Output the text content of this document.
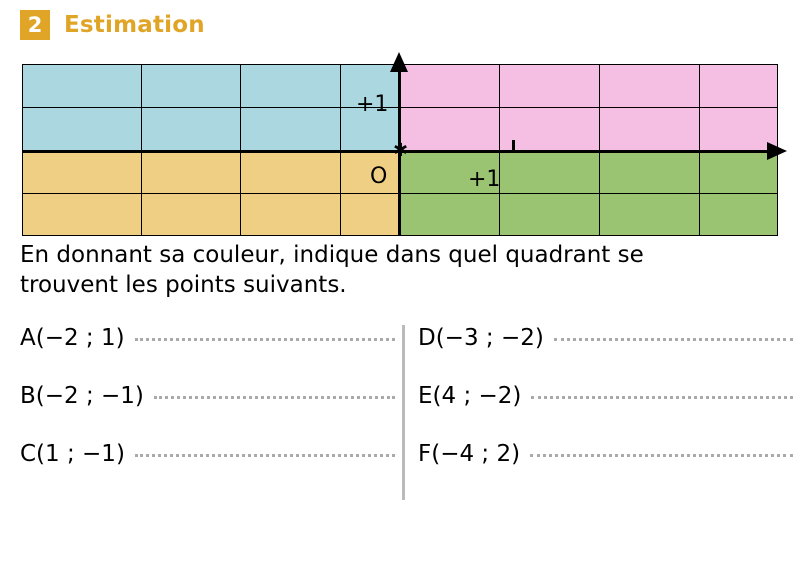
2 Estimation
✱
+1
+1
O
En donnant sa couleur, indique dans quel quadrant se trouvent les points suivants.
A(−2 ; 1)
B(−2 ; −1)
C(1 ; −1)
D(−3 ; −2)
E(4 ; −2)
F(−4 ; 2)
